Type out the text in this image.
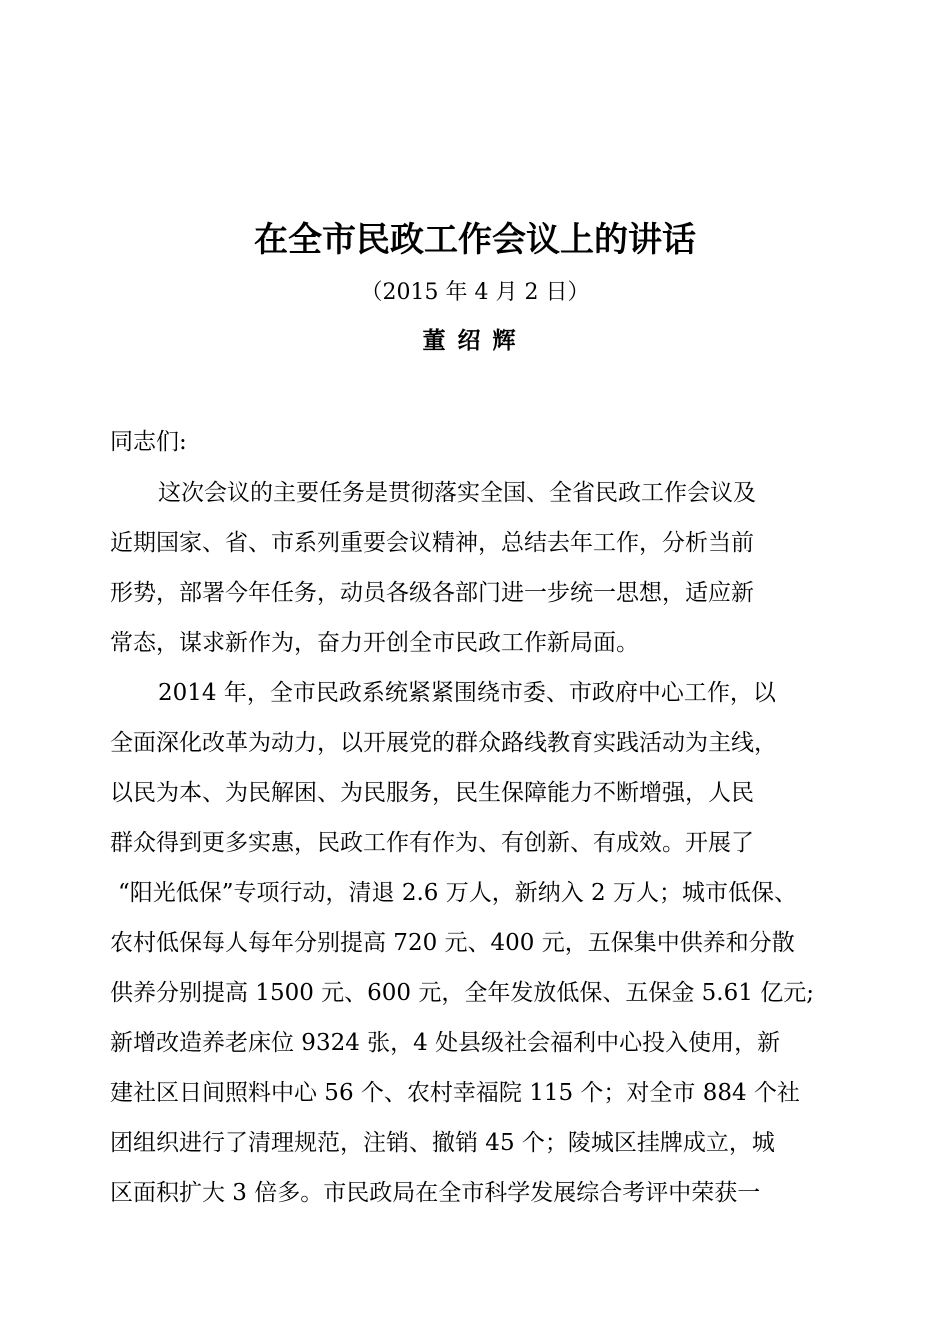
在全市民政工作会议上的讲话
（2015 年 4 月 2 日）
董绍辉
同志们:
这次会议的主要任务是贯彻落实全国、全省民政工作会议及
近期国家、省、市系列重要会议精神，总结去年工作，分析当前
形势，部署今年任务，动员各级各部门进一步统一思想，适应新
常态，谋求新作为，奋力开创全市民政工作新局面。
2014 年，全市民政系统紧紧围绕市委、市政府中心工作，以
全面深化改革为动力，以开展党的群众路线教育实践活动为主线，
以民为本、为民解困、为民服务，民生保障能力不断增强，人民
群众得到更多实惠，民政工作有作为、有创新、有成效。开展了
“阳光低保”专项行动，清退 2.6 万人，新纳入 2 万人；城市低保、
农村低保每人每年分别提高 720 元、400 元，五保集中供养和分散
供养分别提高 1500 元、600 元，全年发放低保、五保金 5.61 亿元;
新增改造养老床位 9324 张，4 处县级社会福利中心投入使用，新
建社区日间照料中心 56 个、农村幸福院 115 个；对全市 884 个社
团组织进行了清理规范，注销、撤销 45 个；陵城区挂牌成立，城
区面积扩大 3 倍多。市民政局在全市科学发展综合考评中荣获一
